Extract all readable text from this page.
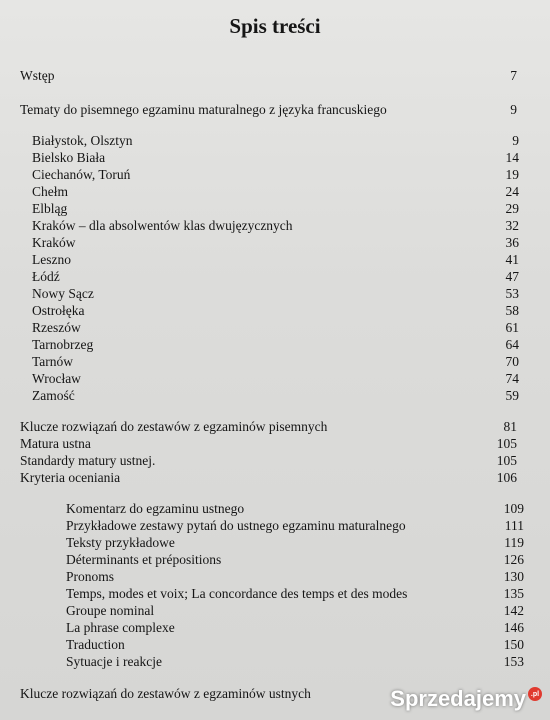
Spis treści
Wstęp	7
Tematy do pisemnego egzaminu maturalnego z języka francuskiego	9
Białystok, Olsztyn	9
Bielsko Biała	14
Ciechanów, Toruń	19
Chełm	24
Elbląg	29
Kraków – dla absolwentów klas dwujęzycznych	32
Kraków	36
Leszno	41
Łódź	47
Nowy Sącz	53
Ostrołęka	58
Rzeszów	61
Tarnobrzeg	64
Tarnów	70
Wrocław	74
Zamość	59
Klucze rozwiązań do zestawów z egzaminów pisemnych	81
Matura ustna	105
Standardy matury ustnej.	105
Kryteria oceniania	106
Komentarz do egzaminu ustnego	109
Przykładowe zestawy pytań do ustnego egzaminu maturalnego	111
Teksty przykładowe	119
Déterminants et prépositions	126
Pronoms	130
Temps, modes et voix; La concordance des temps et des modes	135
Groupe nominal	142
La phrase complexe	146
Traduction	150
Sytuacje i reakcje	153
Klucze rozwiązań do zestawów z egzaminów ustnych	Sprzedajemy .pl
